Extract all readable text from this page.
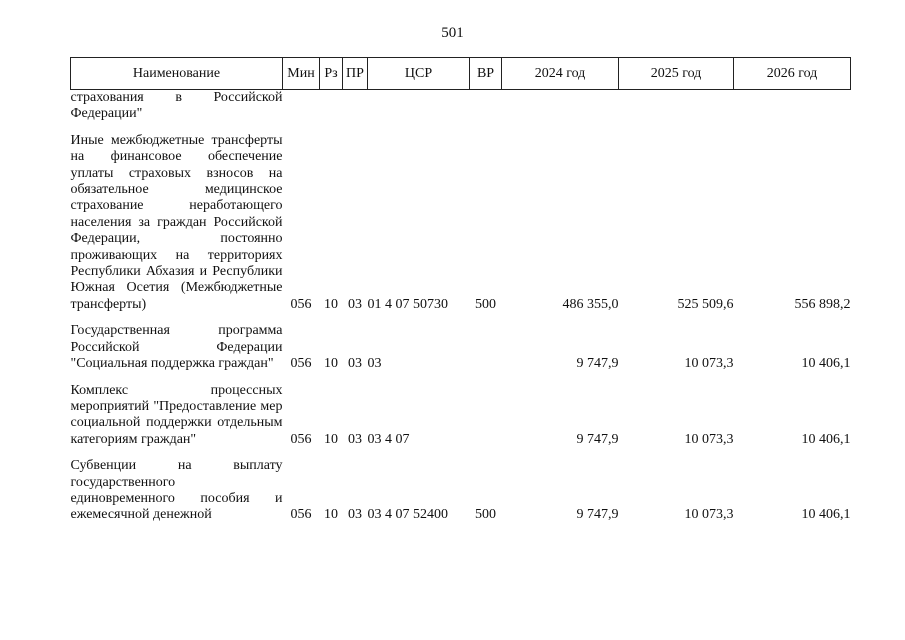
501
Наименование	Мин	Рз	ПР	ЦСР	ВР	2024 год	2025 год	2026 год
страхования в Российской Федерации"								

Иные межбюджетные трансферты на финансовое обеспечение уплаты страховых взносов на обязательное медицинское страхование неработающего населения за граждан Российской Федерации, постоянно проживающих на территориях Республики Абхазия и Республики Южная Осетия (Межбюджетные трансферты)	056	10	03	01 4 07 50730	500	486 355,0	525 509,6	556 898,2

Государственная программа Российской Федерации "Социальная поддержка граждан"	056	10	03	03		9 747,9	10 073,3	10 406,1

Комплекс процессных мероприятий "Предоставление мер социальной поддержки отдельным категориям граждан"	056	10	03	03 4 07		9 747,9	10 073,3	10 406,1

Субвенции на выплату государственного единовременного пособия и ежемесячной денежной	056	10	03	03 4 07 52400	500	9 747,9	10 073,3	10 406,1
